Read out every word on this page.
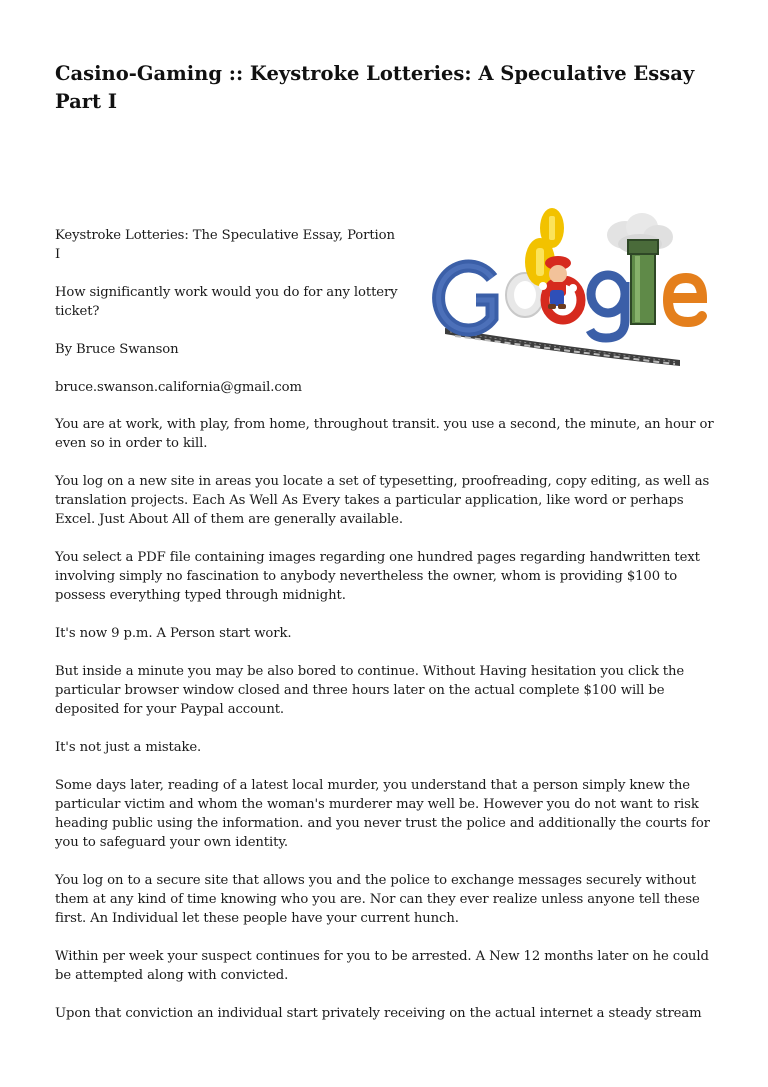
Casino-Gaming :: Keystroke Lotteries: A Speculative Essay Part I

Keystroke Lotteries: The Speculative Essay, Portion I

How significantly work would you do for any lottery ticket?

By Bruce Swanson

bruce.swanson.california@gmail.com

You are at work, with play, from home, throughout transit. you use a second, the minute, an hour or even so in order to kill.

You log on a new site in areas you locate a set of typesetting, proofreading, copy editing, as well as translation projects. Each As Well As Every takes a particular application, like word or perhaps Excel. Just About All of them are generally available.

You select a PDF file containing images regarding one hundred pages regarding handwritten text involving simply no fascination to anybody nevertheless the owner, whom is providing $100 to possess everything typed through midnight.

It's now 9 p.m. A Person start work.

But inside a minute you may be also bored to continue. Without Having hesitation you click the particular browser window closed and three hours later on the actual complete $100 will be deposited for your Paypal account.

It's not just a mistake.

Some days later, reading of a latest local murder, you understand that a person simply knew the particular victim and whom the woman's murderer may well be. However you do not want to risk heading public using the information. and you never trust the police and additionally the courts for you to safeguard your own identity.

You log on to a secure site that allows you and the police to exchange messages securely without them at any kind of time knowing who you are. Nor can they ever realize unless anyone tell these first. An Individual let these people have your current hunch.

Within per week your suspect continues for you to be arrested. A New 12 months later on he could be attempted along with convicted.

Upon that conviction an individual start privately receiving on the actual internet a steady stream
